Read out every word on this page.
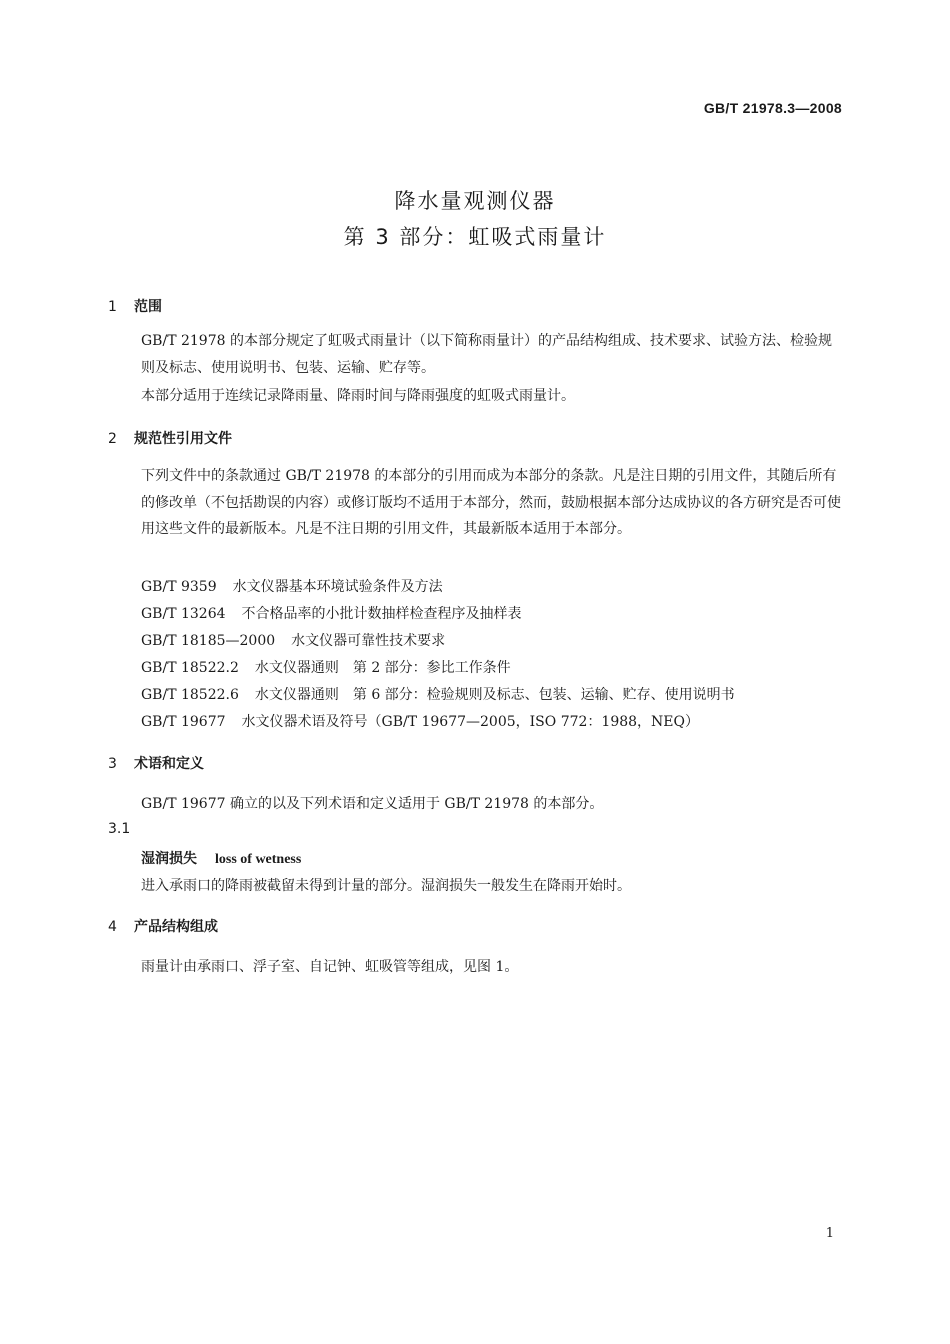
GB/T 21978.3—2008
降水量观测仪器
第 3 部分：虹吸式雨量计
1 范围
GB/T 21978 的本部分规定了虹吸式雨量计（以下简称雨量计）的产品结构组成、技术要求、试验方法、检验规则及标志、使用说明书、包装、运输、贮存等。
本部分适用于连续记录降雨量、降雨时间与降雨强度的虹吸式雨量计。
2 规范性引用文件
下列文件中的条款通过 GB/T 21978 的本部分的引用而成为本部分的条款。凡是注日期的引用文件，其随后所有的修改单（不包括勘误的内容）或修订版均不适用于本部分，然而，鼓励根据本部分达成协议的各方研究是否可使用这些文件的最新版本。凡是不注日期的引用文件，其最新版本适用于本部分。
GB/T 9359 水文仪器基本环境试验条件及方法
GB/T 13264 不合格品率的小批计数抽样检查程序及抽样表
GB/T 18185—2000 水文仪器可靠性技术要求
GB/T 18522.2 水文仪器通则　第 2 部分：参比工作条件
GB/T 18522.6 水文仪器通则　第 6 部分：检验规则及标志、包装、运输、贮存、使用说明书
GB/T 19677 水文仪器术语及符号（GB/T 19677—2005，ISO 772：1988，NEQ）
3 术语和定义
GB/T 19677 确立的以及下列术语和定义适用于 GB/T 21978 的本部分。
3.1
湿润损失 loss of wetness
进入承雨口的降雨被截留未得到计量的部分。湿润损失一般发生在降雨开始时。
4 产品结构组成
雨量计由承雨口、浮子室、自记钟、虹吸管等组成，见图 1。
1
